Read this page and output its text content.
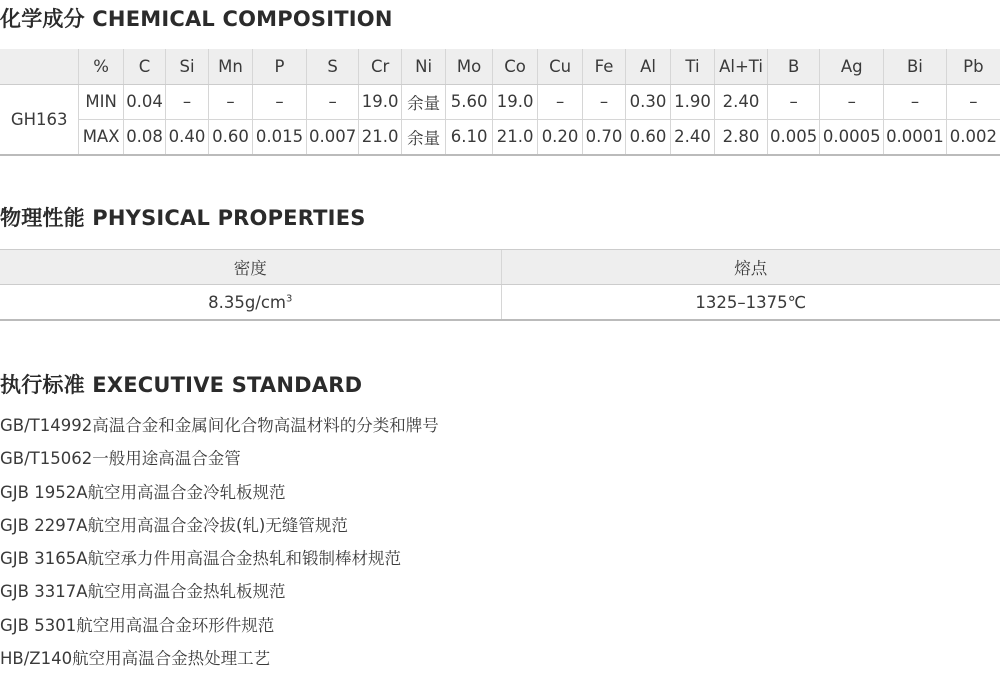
化学成分 CHEMICAL COMPOSITION
	%	C	Si	Mn	P	S	Cr	Ni	Mo	Co	Cu	Fe	Al	Ti	Al+Ti	B	Ag	Bi	Pb
GH163	MIN	0.04	–	–	–	–	19.0	余量	5.60	19.0	–	–	0.30	1.90	2.40	–	–	–	–
	MAX	0.08	0.40	0.60	0.015	0.007	21.0	余量	6.10	21.0	0.20	0.70	0.60	2.40	2.80	0.005	0.0005	0.0001	0.002
物理性能 PHYSICAL PROPERTIES
密度	熔点
$8.35g/cm^3$	1325–1375℃
执行标准 EXECUTIVE STANDARD
GB/T14992高温合金和金属间化合物高温材料的分类和牌号
GB/T15062一般用途高温合金管
GJB 1952A航空用高温合金冷轧板规范
GJB 2297A航空用高温合金冷拔(轧)无缝管规范
GJB 3165A航空承力件用高温合金热轧和锻制棒材规范
GJB 3317A航空用高温合金热轧板规范
GJB 5301航空用高温合金环形件规范
HB/Z140航空用高温合金热处理工艺
